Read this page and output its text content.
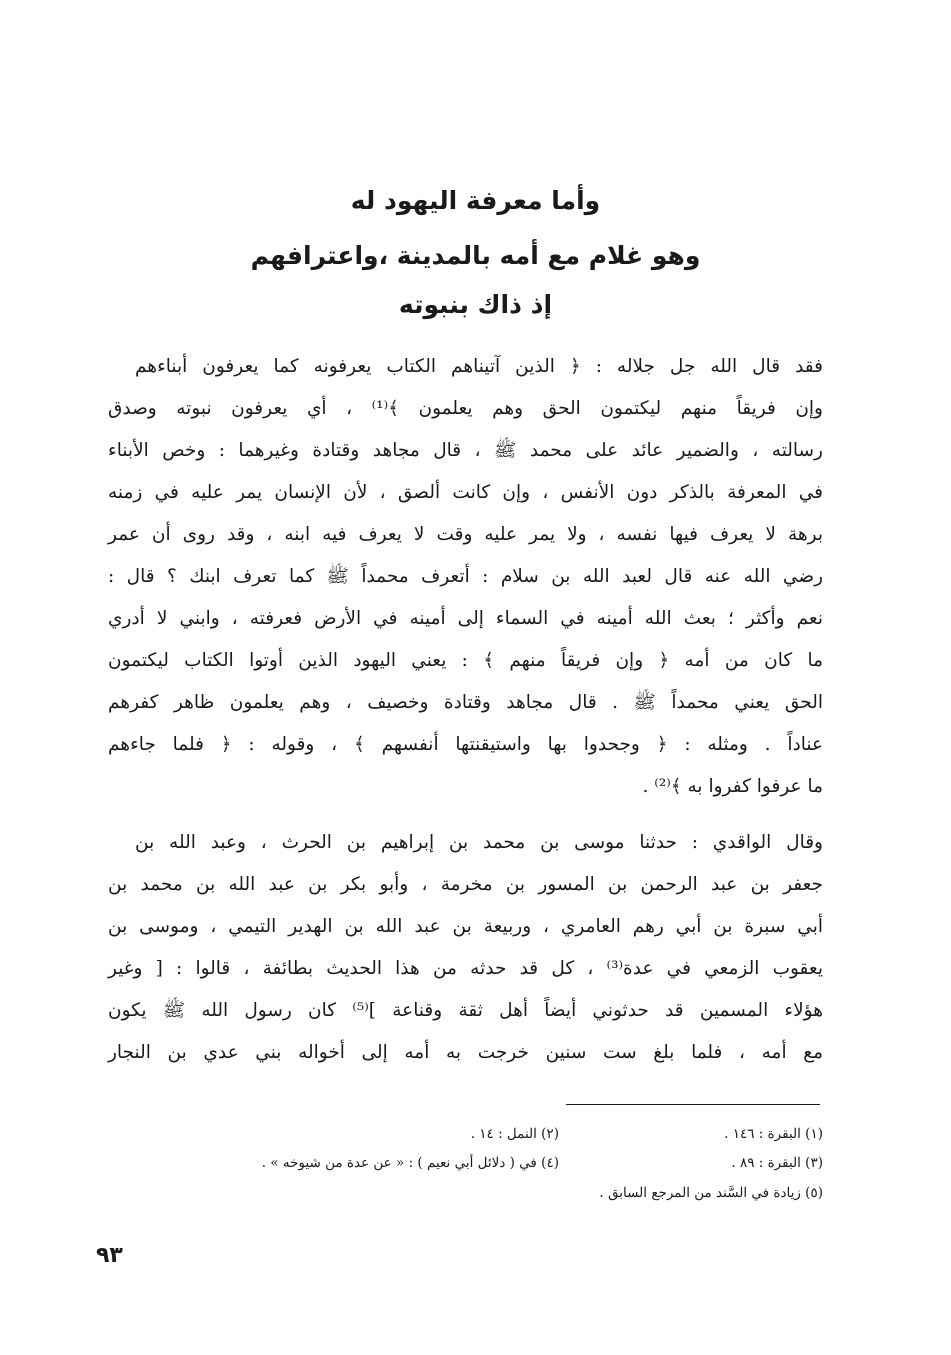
وأما معرفة اليهود له
وهو غلام مع أمه بالمدينة ،واعترافهم
إذ ذاك بنبوته
فقد قال الله جل جلاله : ﴿ الذين آتيناهم الكتاب يعرفونه كما يعرفون أبناءهم
وإن فريقاً منهم ليكتمون الحق وهم يعلمون ﴾⁽¹⁾ ، أي يعرفون نبوته وصدق
رسالته ، والضمير عائد على محمد ﷺ ، قال مجاهد وقتادة وغيرهما : وخص الأبناء
في المعرفة بالذكر دون الأنفس ، وإن كانت ألصق ، لأن الإنسان يمر عليه في زمنه
برهة لا يعرف فيها نفسه ، ولا يمر عليه وقت لا يعرف فيه ابنه ، وقد روى أن عمر
رضي الله عنه قال لعبد الله بن سلام : أتعرف محمداً ﷺ كما تعرف ابنك ؟ قال :
نعم وأكثر ؛ بعث الله أمينه في السماء إلى أمينه في الأرض فعرفته ، وابني لا أدري
ما كان من أمه ﴿ وإن فريقاً منهم ﴾ : يعني اليهود الذين أوتوا الكتاب ليكتمون
الحق يعني محمداً ﷺ . قال مجاهد وقتادة وخصيف ، وهم يعلمون ظاهر كفرهم
عناداً . ومثله : ﴿ وجحدوا بها واستيقنتها أنفسهم ﴾ ، وقوله : ﴿ فلما جاءهم
ما عرفوا كفروا به ﴾⁽²⁾ .
وقال الواقدي : حدثنا موسى بن محمد بن إبراهيم بن الحرث ، وعبد الله بن
جعفر بن عبد الرحمن بن المسور بن مخرمة ، وأبو بكر بن عبد الله بن محمد بن
أبي سبرة بن أبي رهم العامري ، وربيعة بن عبد الله بن الهدير التيمي ، وموسى بن
يعقوب الزمعي في عدة⁽³⁾ ، كل قد حدثه من هذا الحديث بطائفة ، قالوا : [ وغير
هؤلاء المسمين قد حدثوني أيضاً أهل ثقة وقناعة ]⁽⁵⁾ كان رسول الله ﷺ يكون
مع أمه ، فلما بلغ ست سنين خرجت به أمه إلى أخواله بني عدي بن النجار
(١) البقرة : ١٤٦ .
(٢) النمل : ١٤ .
(٣) البقرة : ٨٩ .
(٤) في ( دلائل أبي نعيم ) : « عن عدة من شيوخه » .
(٥) زيادة في السَّند من المرجع السابق .
٩٣
